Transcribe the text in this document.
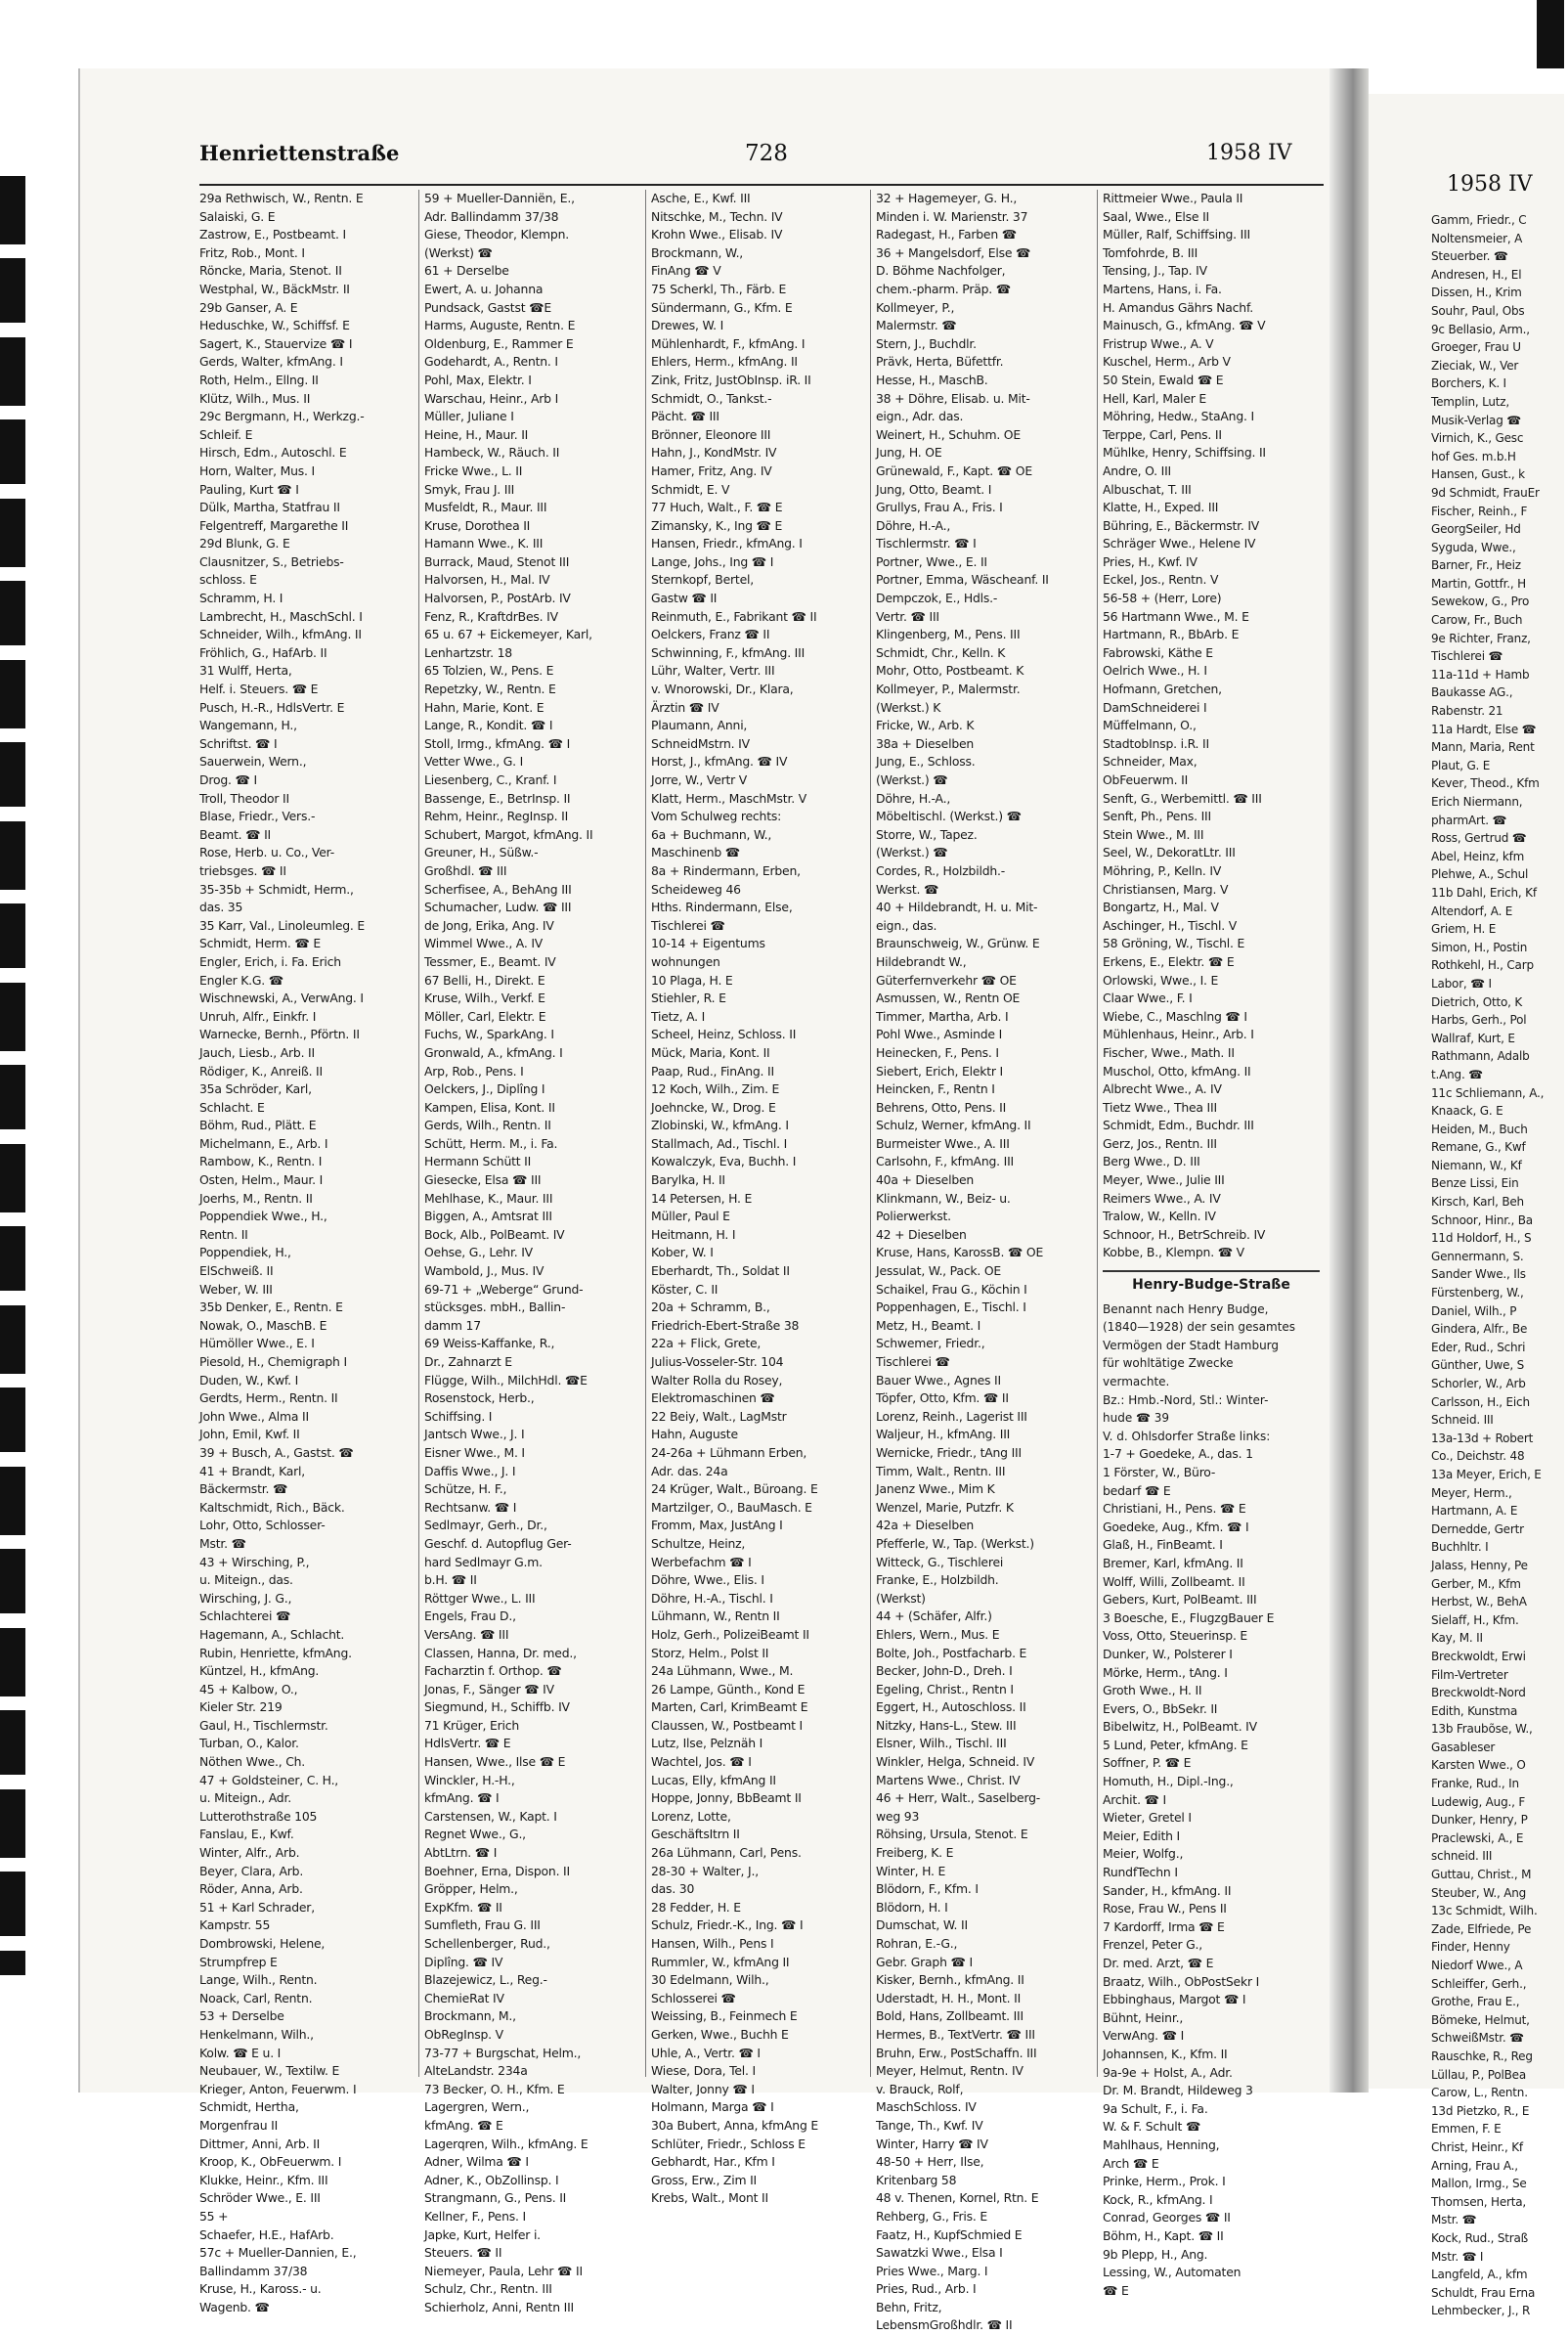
Henriettenstraße	728	1958 IV
29a Rethwisch, W., Rentn. E
Salaiski, G. E
Zastrow, E., Postbeamt. I
Fritz, Rob., Mont. I
Röncke, Maria, Stenot. II
Westphal, W., BäckMstr. II
29b Ganser, A. E
Heduschke, W., Schiffsf. E
Sagert, K., Stauervize ☎ I
Gerds, Walter, kfmAng. I
Roth, Helm., Ellng. II
Klütz, Wilh., Mus. II
29c Bergmann, H., Werkzg.-
Schleif. E
Hirsch, Edm., Autoschl. E
Horn, Walter, Mus. I
Pauling, Kurt ☎ I
Dülk, Martha, Statfrau II
Felgentreff, Margarethe II
29d Blunk, G. E
Clausnitzer, S., Betriebs-
schloss. E
Schramm, H. I
Lambrecht, H., MaschSchl. I
Schneider, Wilh., kfmAng. II
Fröhlich, G., HafArb. II
31 Wulff, Herta,
Helf. i. Steuers. ☎ E
Pusch, H.-R., HdlsVertr. E
Wangemann, H.,
Schriftst. ☎ I
Sauerwein, Wern.,
Drog. ☎ I
Troll, Theodor II
Blase, Friedr., Vers.-
Beamt. ☎ II
Rose, Herb. u. Co., Ver-
triebsges. ☎ II
35-35b + Schmidt, Herm.,
das. 35
35 Karr, Val., Linoleumleg. E
Schmidt, Herm. ☎ E
Engler, Erich, i. Fa. Erich
Engler K.G. ☎
Wischnewski, A., VerwAng. I
Unruh, Alfr., Einkfr. I
Warnecke, Bernh., Pförtn. II
Jauch, Liesb., Arb. II
Rödiger, K., Anreiß. II
35a Schröder, Karl,
Schlacht. E
Böhm, Rud., Plätt. E
Michelmann, E., Arb. I
Rambow, K., Rentn. I
Osten, Helm., Maur. I
Joerhs, M., Rentn. II
Poppendiek Wwe., H.,
Rentn. II
Poppendiek, H.,
ElSchweiß. II
Weber, W. III
35b Denker, E., Rentn. E
Nowak, O., MaschB. E
Hümöller Wwe., E. I
Piesold, H., Chemigraph I
Duden, W., Kwf. I
Gerdts, Herm., Rentn. II
John Wwe., Alma II
John, Emil, Kwf. II
39 + Busch, A., Gastst. ☎
41 + Brandt, Karl,
Bäckermstr. ☎
Kaltschmidt, Rich., Bäck.
Lohr, Otto, Schlosser-
Mstr. ☎
43 + Wirsching, P.,
u. Miteign., das.
Wirsching, J. G.,
Schlachterei ☎
Hagemann, A., Schlacht.
Rubin, Henriette, kfmAng.
Küntzel, H., kfmAng.
45 + Kalbow, O.,
Kieler Str. 219
Gaul, H., Tischlermstr.
Turban, O., Kalor.
Nöthen Wwe., Ch.
47 + Goldsteiner, C. H.,
u. Miteign., Adr.
Lutterothstraße 105
Fanslau, E., Kwf.
Winter, Alfr., Arb.
Beyer, Clara, Arb.
Röder, Anna, Arb.
51 + Karl Schrader,
Kampstr. 55
Dombrowski, Helene,
Strumpfrep E
Lange, Wilh., Rentn.
Noack, Carl, Rentn.
53 + Derselbe
Henkelmann, Wilh.,
Kolw. ☎ E u. I
Neubauer, W., Textilw. E
Krieger, Anton, Feuerwm. I
Schmidt, Hertha,
Morgenfrau II
Dittmer, Anni, Arb. II
Kroop, K., ObFeuerwm. I
Klukke, Heinr., Kfm. III
Schröder Wwe., E. III
55 +
Schaefer, H.E., HafArb.
57c + Mueller-Dannien, E.,
Ballindamm 37/38
Kruse, H., Kaross.- u.
Wagenb. ☎
59 + Mueller-Danniën, E.,
Adr. Ballindamm 37/38
Giese, Theodor, Klempn.
(Werkst) ☎
61 + Derselbe
Ewert, A. u. Johanna
Pundsack, Gastst ☎E
Harms, Auguste, Rentn. E
Oldenburg, E., Rammer E
Godehardt, A., Rentn. I
Pohl, Max, Elektr. I
Warschau, Heinr., Arb I
Müller, Juliane I
Heine, H., Maur. II
Hambeck, W., Räuch. II
Fricke Wwe., L. II
Smyk, Frau J. III
Musfeldt, R., Maur. III
Kruse, Dorothea II
Hamann Wwe., K. III
Burrack, Maud, Stenot III
Halvorsen, H., Mal. IV
Halvorsen, P., PostArb. IV
Fenz, R., KraftdrBes. IV
65 u. 67 + Eickemeyer, Karl,
Lenhartzstr. 18
65 Tolzien, W., Pens. E
Repetzky, W., Rentn. E
Hahn, Marie, Kont. E
Lange, R., Kondit. ☎ I
Stoll, Irmg., kfmAng. ☎ I
Vetter Wwe., G. I
Liesenberg, C., Kranf. I
Bassenge, E., BetrInsp. II
Rehm, Heinr., RegInsp. II
Schubert, Margot, kfmAng. II
Greuner, H., Süßw.-
Großhdl. ☎ III
Scherfisee, A., BehAng III
Schumacher, Ludw. ☎ III
de Jong, Erika, Ang. IV
Wimmel Wwe., A. IV
Tessmer, E., Beamt. IV
67 Belli, H., Direkt. E
Kruse, Wilh., Verkf. E
Möller, Carl, Elektr. E
Fuchs, W., SparkAng. I
Gronwald, A., kfmAng. I
Arp, Rob., Pens. I
Oelckers, J., Diplîng I
Kampen, Elisa, Kont. II
Gerds, Wilh., Rentn. II
Schütt, Herm. M., i. Fa.
Hermann Schütt II
Giesecke, Elsa ☎ III
Mehlhase, K., Maur. III
Biggen, A., Amtsrat III
Bock, Alb., PolBeamt. IV
Oehse, G., Lehr. IV
Wambold, J., Mus. IV
69-71 + „Weberge“ Grund-
stücksges. mbH., Ballin-
damm 17
69 Weiss-Kaffanke, R.,
Dr., Zahnarzt E
Flügge, Wilh., MilchHdl. ☎E
Rosenstock, Herb.,
Schiffsing. I
Jantsch Wwe., J. I
Eisner Wwe., M. I
Daffis Wwe., J. I
Schütze, H. F.,
Rechtsanw. ☎ I
Sedlmayr, Gerh., Dr.,
Geschf. d. Autopflug Ger-
hard Sedlmayr G.m.
b.H. ☎ II
Röttger Wwe., L. III
Engels, Frau D.,
VersAng. ☎ III
Classen, Hanna, Dr. med.,
Facharztin f. Orthop. ☎
Jonas, F., Sänger ☎ IV
Siegmund, H., Schiffb. IV
71 Krüger, Erich
HdlsVertr. ☎ E
Hansen, Wwe., Ilse ☎ E
Winckler, H.-H.,
kfmAng. ☎ I
Carstensen, W., Kapt. I
Regnet Wwe., G.,
AbtLtrn. ☎ I
Boehner, Erna, Dispon. II
Gröpper, Helm.,
ExpKfm. ☎ II
Sumfleth, Frau G. III
Schellenberger, Rud.,
Diplîng. ☎ IV
Blazejewicz, L., Reg.-
ChemieRat IV
Brockmann, M.,
ObRegInsp. V
73-77 + Burgschat, Helm.,
AlteLandstr. 234a
73 Becker, O. H., Kfm. E
Lagergren, Wern.,
kfmAng. ☎ E
Lagerqren, Wilh., kfmAng. E
Adner, Wilma ☎ I
Adner, K., ObZollinsp. I
Strangmann, G., Pens. II
Kellner, F., Pens. I
Japke, Kurt, Helfer i.
Steuers. ☎ II
Niemeyer, Paula, Lehr ☎ II
Schulz, Chr., Rentn. III
Schierholz, Anni, Rentn III
Asche, E., Kwf. III
Nitschke, M., Techn. IV
Krohn Wwe., Elisab. IV
Brockmann, W.,
FinAng ☎ V
75 Scherkl, Th., Färb. E
Sündermann, G., Kfm. E
Drewes, W. I
Mühlenhardt, F., kfmAng. I
Ehlers, Herm., kfmAng. II
Zink, Fritz, JustObInsp. iR. II
Schmidt, O., Tankst.-
Pächt. ☎ III
Brönner, Eleonore III
Hahn, J., KondMstr. IV
Hamer, Fritz, Ang. IV
Schmidt, E. V
77 Huch, Walt., F. ☎ E
Zimansky, K., Ing ☎ E
Hansen, Friedr., kfmAng. I
Lange, Johs., Ing ☎ I
Sternkopf, Bertel,
Gastw ☎ II
Reinmuth, E., Fabrikant ☎ II
Oelckers, Franz ☎ II
Schwinning, F., kfmAng. III
Lühr, Walter, Vertr. III
v. Wnorowski, Dr., Klara,
Ärztin ☎ IV
Plaumann, Anni,
SchneidMstrn. IV
Horst, J., kfmAng. ☎ IV
Jorre, W., Vertr V
Klatt, Herm., MaschMstr. V
Vom Schulweg rechts:
6a + Buchmann, W.,
Maschinenb ☎
8a + Rindermann, Erben,
Scheideweg 46
Hths. Rindermann, Else,
Tischlerei ☎
10-14 + Eigentums
wohnungen
10 Plaga, H. E
Stiehler, R. E
Tietz, A. I
Scheel, Heinz, Schloss. II
Mück, Maria, Kont. II
Paap, Rud., FinAng. II
12 Koch, Wilh., Zim. E
Joehncke, W., Drog. E
Zlobinski, W., kfmAng. I
Stallmach, Ad., Tischl. I
Kowalczyk, Eva, Buchh. I
Barylka, H. II
14 Petersen, H. E
Müller, Paul E
Heitmann, H. I
Kober, W. I
Eberhardt, Th., Soldat II
Köster, C. II
20a + Schramm, B.,
Friedrich-Ebert-Straße 38
22a + Flick, Grete,
Julius-Vosseler-Str. 104
Walter Rolla du Rosey,
Elektromaschinen ☎
22 Beiy, Walt., LagMstr
Hahn, Auguste
24-26a + Lühmann Erben,
Adr. das. 24a
24 Krüger, Walt., Büroang. E
Martzilger, O., BauMasch. E
Fromm, Max, JustAng I
Schultze, Heinz,
Werbefachm ☎ I
Döhre, Wwe., Elis. I
Döhre, H.-A., Tischl. I
Lühmann, W., Rentn II
Holz, Gerh., PolizeiBeamt II
Storz, Helm., Polst II
24a Lühmann, Wwe., M.
26 Lampe, Günth., Kond E
Marten, Carl, KrimBeamt E
Claussen, W., Postbeamt I
Lutz, Ilse, Pelznäh I
Wachtel, Jos. ☎ I
Lucas, Elly, kfmAng II
Hoppe, Jonny, BbBeamt II
Lorenz, Lotte,
GeschäftsItrn II
26a Lühmann, Carl, Pens.
28-30 + Walter, J.,
das. 30
28 Fedder, H. E
Schulz, Friedr.-K., Ing. ☎ I
Hansen, Wilh., Pens I
Rummler, W., kfmAng II
30 Edelmann, Wilh.,
Schlosserei ☎
Weissing, B., Feinmech E
Gerken, Wwe., Buchh E
Uhle, A., Vertr. ☎ I
Wiese, Dora, Tel. I
Walter, Jonny ☎ I
Holmann, Marga ☎ I
30a Bubert, Anna, kfmAng E
Schlüter, Friedr., Schloss E
Gebhardt, Har., Kfm I
Gross, Erw., Zim II
Krebs, Walt., Mont II
32 + Hagemeyer, G. H.,
Minden i. W. Marienstr. 37
Radegast, H., Farben ☎
36 + Mangelsdorf, Else ☎
D. Böhme Nachfolger,
chem.-pharm. Präp. ☎
Kollmeyer, P.,
Malermstr. ☎
Stern, J., Buchdlr.
Prävk, Herta, Büfettfr.
Hesse, H., MaschB.
38 + Döhre, Elisab. u. Mit-
eign., Adr. das.
Weinert, H., Schuhm. OE
Jung, H. OE
Grünewald, F., Kapt. ☎ OE
Jung, Otto, Beamt. I
Grullys, Frau A., Fris. I
Döhre, H.-A.,
Tischlermstr. ☎ I
Portner, Wwe., E. II
Portner, Emma, Wäscheanf. II
Dempczok, E., Hdls.-
Vertr. ☎ III
Klingenberg, M., Pens. III
Schmidt, Chr., Kelln. K
Mohr, Otto, Postbeamt. K
Kollmeyer, P., Malermstr.
(Werkst.) K
Fricke, W., Arb. K
38a + Dieselben
Jung, E., Schloss.
(Werkst.) ☎
Döhre, H.-A.,
Möbeltischl. (Werkst.) ☎
Storre, W., Tapez.
(Werkst.) ☎
Cordes, R., Holzbildh.-
Werkst. ☎
40 + Hildebrandt, H. u. Mit-
eign., das.
Braunschweig, W., Grünw. E
Hildebrandt W.,
Güterfernverkehr ☎ OE
Asmussen, W., Rentn OE
Timmer, Martha, Arb. I
Pohl Wwe., Asminde I
Heinecken, F., Pens. I
Siebert, Erich, Elektr I
Heincken, F., Rentn I
Behrens, Otto, Pens. II
Schulz, Werner, kfmAng. II
Burmeister Wwe., A. III
Carlsohn, F., kfmAng. III
40a + Dieselben
Klinkmann, W., Beiz- u.
Polierwerkst.
42 + Dieselben
Kruse, Hans, KarossB. ☎ OE
Jessulat, W., Pack. OE
Schaikel, Frau G., Köchin I
Poppenhagen, E., Tischl. I
Metz, H., Beamt. I
Schwemer, Friedr.,
Tischlerei ☎
Bauer Wwe., Agnes II
Töpfer, Otto, Kfm. ☎ II
Lorenz, Reinh., Lagerist III
Waljeur, H., kfmAng. III
Wernicke, Friedr., tAng III
Timm, Walt., Rentn. III
Janenz Wwe., Mim K
Wenzel, Marie, Putzfr. K
42a + Dieselben
Pfefferle, W., Tap. (Werkst.)
Witteck, G., Tischlerei
Franke, E., Holzbildh.
(Werkst)
44 + (Schäfer, Alfr.)
Ehlers, Wern., Mus. E
Bolte, Joh., Postfacharb. E
Becker, John-D., Dreh. I
Egeling, Christ., Rentn I
Eggert, H., Autoschloss. II
Nitzky, Hans-L., Stew. III
Elsner, Wilh., Tischl. III
Winkler, Helga, Schneid. IV
Martens Wwe., Christ. IV
46 + Herr, Walt., Saselberg-
weg 93
Röhsing, Ursula, Stenot. E
Freiberg, K. E
Winter, H. E
Blödorn, F., Kfm. I
Blödorn, H. I
Dumschat, W. II
Rohran, E.-G.,
Gebr. Graph ☎ I
Kisker, Bernh., kfmAng. II
Uderstadt, H. H., Mont. II
Bold, Hans, Zollbeamt. III
Hermes, B., TextVertr. ☎ III
Bruhn, Erw., PostSchaffn. III
Meyer, Helmut, Rentn. IV
v. Brauck, Rolf,
MaschSchloss. IV
Tange, Th., Kwf. IV
Winter, Harry ☎ IV
48-50 + Herr, Ilse,
Kritenbarg 58
48 v. Thenen, Kornel, Rtn. E
Rehberg, G., Fris. E
Faatz, H., KupfSchmied E
Sawatzki Wwe., Elsa I
Pries Wwe., Marg. I
Pries, Rud., Arb. I
Behn, Fritz,
LebensmGroßhdlr. ☎ II
Rittmeier Wwe., Paula II
Saal, Wwe., Else II
Müller, Ralf, Schiffsing. III
Tomfohrde, B. III
Tensing, J., Tap. IV
Martens, Hans, i. Fa.
H. Amandus Gährs Nachf.
Mainusch, G., kfmAng. ☎ V
Fristrup Wwe., A. V
Kuschel, Herm., Arb V
50 Stein, Ewald ☎ E
Hell, Karl, Maler E
Möhring, Hedw., StaAng. I
Terppe, Carl, Pens. II
Mühlke, Henry, Schiffsing. II
Andre, O. III
Albuschat, T. III
Klatte, H., Exped. III
Bühring, E., Bäckermstr. IV
Schräger Wwe., Helene IV
Pries, H., Kwf. IV
Eckel, Jos., Rentn. V
56-58 + (Herr, Lore)
56 Hartmann Wwe., M. E
Hartmann, R., BbArb. E
Fabrowski, Käthe E
Oelrich Wwe., H. I
Hofmann, Gretchen,
DamSchneiderei I
Müffelmann, O.,
StadtobInsp. i.R. II
Schneider, Max,
ObFeuerwm. II
Senft, G., Werbemittl. ☎ III
Senft, Ph., Pens. III
Stein Wwe., M. III
Seel, W., DekoratLtr. III
Möhring, P., Kelln. IV
Christiansen, Marg. V
Bongartz, H., Mal. V
Aschinger, H., Tischl. V
58 Gröning, W., Tischl. E
Erkens, E., Elektr. ☎ E
Orlowski, Wwe., I. E
Claar Wwe., F. I
Wiebe, C., Maschlng ☎ I
Mühlenhaus, Heinr., Arb. I
Fischer, Wwe., Math. II
Muschol, Otto, kfmAng. II
Albrecht Wwe., A. IV
Tietz Wwe., Thea III
Schmidt, Edm., Buchdr. III
Gerz, Jos., Rentn. III
Berg Wwe., D. III
Meyer, Wwe., Julie III
Reimers Wwe., A. IV
Tralow, W., Kelln. IV
Schnoor, H., BetrSchreib. IV
Kobbe, B., Klempn. ☎ V
Henry-Budge-Straße
Benannt nach Henry Budge,
(1840—1928) der sein gesamtes
Vermögen der Stadt Hamburg
für wohltätige Zwecke
vermachte.
Bz.: Hmb.-Nord, Stl.: Winter-
hude ☎ 39
V. d. Ohlsdorfer Straße links:
1-7 + Goedeke, A., das. 1
1 Förster, W., Büro-
bedarf ☎ E
Christiani, H., Pens. ☎ E
Goedeke, Aug., Kfm. ☎ I
Glaß, H., FinBeamt. I
Bremer, Karl, kfmAng. II
Wolff, Willi, Zollbeamt. II
Gebers, Kurt, PolBeamt. III
3 Boesche, E., FlugzgBauer E
Voss, Otto, Steuerinsp. E
Dunker, W., Polsterer I
Mörke, Herm., tAng. I
Groth Wwe., H. II
Evers, O., BbSekr. II
Bibelwitz, H., PolBeamt. IV
5 Lund, Peter, kfmAng. E
Soffner, P. ☎ E
Homuth, H., Dipl.-Ing.,
Archit. ☎ I
Wieter, Gretel I
Meier, Edith I
Meier, Wolfg.,
RundfTechn I
Sander, H., kfmAng. II
Rose, Frau W., Pens II
7 Kardorff, Irma ☎ E
Frenzel, Peter G.,
Dr. med. Arzt, ☎ E
Braatz, Wilh., ObPostSekr I
Ebbinghaus, Margot ☎ I
Bühnt, Heinr.,
VerwAng. ☎ I
Johannsen, K., Kfm. II
9a-9e + Holst, A., Adr.
Dr. M. Brandt, Hildeweg 3
9a Schult, F., i. Fa.
W. & F. Schult ☎
Mahlhaus, Henning,
Arch ☎ E
Prinke, Herm., Prok. I
Kock, R., kfmAng. I
Conrad, Georges ☎ II
Böhm, H., Kapt. ☎ II
9b Plepp, H., Ang.
Lessing, W., Automaten
☎ E
1958 IV
Gamm, Friedr., C
Noltensmeier, A
Steuerber. ☎
Andresen, H., El
Dissen, H., Krim
Souhr, Paul, Obs
9c Bellasio, Arm.,
Groeger, Frau U
Zieciak, W., Ver
Borchers, K. I
Templin, Lutz,
Musik-Verlag ☎
Virnich, K., Gesc
hof Ges. m.b.H
Hansen, Gust., k
9d Schmidt, FrauEr
Fischer, Reinh., F
GeorgSeiler, Hd
Syguda, Wwe.,
Barner, Fr., Heiz
Martin, Gottfr., H
Sewekow, G., Pro
Carow, Fr., Buch
9e Richter, Franz,
Tischlerei ☎
11a-11d + Hamb
Baukasse AG.,
Rabenstr. 21
11a Hardt, Else ☎
Mann, Maria, Rent
Plaut, G. E
Kever, Theod., Kfm
Erich Niermann,
pharmArt. ☎
Ross, Gertrud ☎
Abel, Heinz, kfm
Plehwe, A., Schul
11b Dahl, Erich, Kf
Altendorf, A. E
Griem, H. E
Simon, H., Postin
Rothkehl, H., Carp
Labor, ☎ I
Dietrich, Otto, K
Harbs, Gerh., Pol
Wallraf, Kurt, E
Rathmann, Adalb
t.Ang. ☎
11c Schliemann, A.,
Knaack, G. E
Heiden, M., Buch
Remane, G., Kwf
Niemann, W., Kf
Benze Lissi, Ein
Kirsch, Karl, Beh
Schnoor, Hinr., Ba
11d Holdorf, H., S
Gennermann, S.
Sander Wwe., Ils
Fürstenberg, W.,
Daniel, Wilh., P
Gindera, Alfr., Be
Eder, Rud., Schri
Günther, Uwe, S
Schorler, W., Arb
Carlsson, H., Eich
Schneid. III
13a-13d + Robert
Co., Deichstr. 48
13a Meyer, Erich, E
Meyer, Herm.,
Hartmann, A. E
Dernedde, Gertr
Buchhltr. I
Jalass, Henny, Pe
Gerber, M., Kfm
Herbst, W., BehA
Sielaff, H., Kfm.
Kay, M. II
Breckwoldt, Erwi
Film-Vertreter
Breckwoldt-Nord
Edith, Kunstma
13b Fraubõse, W.,
Gasableser
Karsten Wwe., O
Franke, Rud., In
Ludewig, Aug., F
Dunker, Henry, P
Praclewski, A., E
schneid. III
Guttau, Christ., M
Steuber, W., Ang
13c Schmidt, Wilh.
Zade, Elfriede, Pe
Finder, Henny
Niedorf Wwe., A
Schleiffer, Gerh.,
Grothe, Frau E.,
Bömeke, Helmut,
SchweißMstr. ☎
Rauschke, R., Reg
Lüllau, P., PolBea
Carow, L., Rentn.
13d Pietzko, R., E
Emmen, F. E
Christ, Heinr., Kf
Arning, Frau A.,
Mallon, Irmg., Se
Thomsen, Herta,
Mstr. ☎
Kock, Rud., Straß
Mstr. ☎ I
Langfeld, A., kfm
Schuldt, Frau Erna
Lehmbecker, J., R
